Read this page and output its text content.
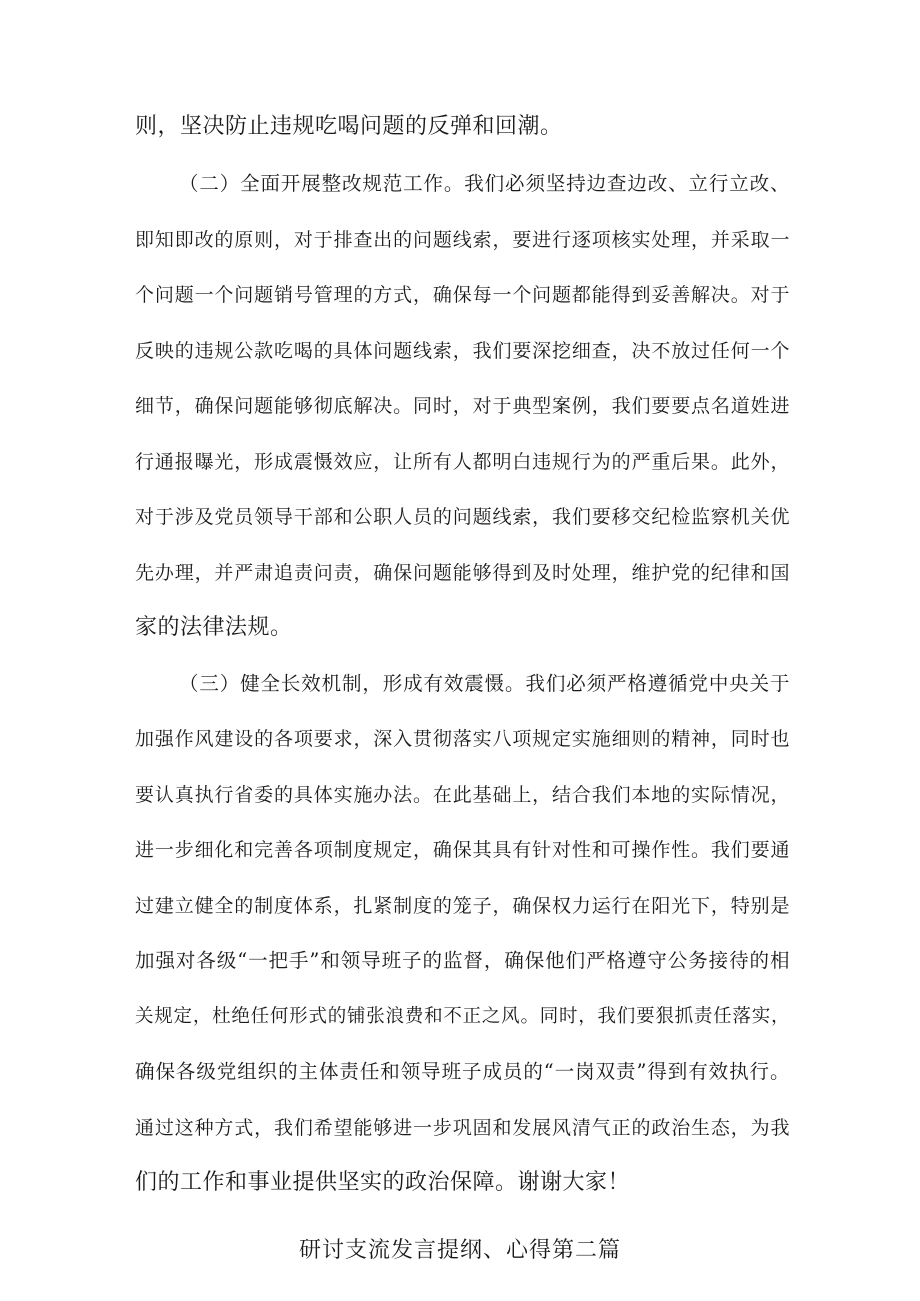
则，坚决防止违规吃喝问题的反弹和回潮。
（二）全面开展整改规范工作。我们必须坚持边查边改、立行立改、
即知即改的原则，对于排查出的问题线索，要进行逐项核实处理，并采取一
个问题一个问题销号管理的方式，确保每一个问题都能得到妥善解决。对于
反映的违规公款吃喝的具体问题线索，我们要深挖细查，决不放过任何一个
细节，确保问题能够彻底解决。同时，对于典型案例，我们要要点名道姓进
行通报曝光，形成震慑效应，让所有人都明白违规行为的严重后果。此外，
对于涉及党员领导干部和公职人员的问题线索，我们要移交纪检监察机关优
先办理，并严肃追责问责，确保问题能够得到及时处理，维护党的纪律和国
家的法律法规。
（三）健全长效机制，形成有效震慑。我们必须严格遵循党中央关于
加强作风建设的各项要求，深入贯彻落实八项规定实施细则的精神，同时也
要认真执行省委的具体实施办法。在此基础上，结合我们本地的实际情况，
进一步细化和完善各项制度规定，确保其具有针对性和可操作性。我们要通
过建立健全的制度体系，扎紧制度的笼子，确保权力运行在阳光下，特别是
加强对各级“一把手”和领导班子的监督，确保他们严格遵守公务接待的相
关规定，杜绝任何形式的铺张浪费和不正之风。同时，我们要狠抓责任落实，
确保各级党组织的主体责任和领导班子成员的“一岗双责”得到有效执行。
通过这种方式，我们希望能够进一步巩固和发展风清气正的政治生态，为我
们的工作和事业提供坚实的政治保障。谢谢大家！
研讨支流发言提纲、心得第二篇
